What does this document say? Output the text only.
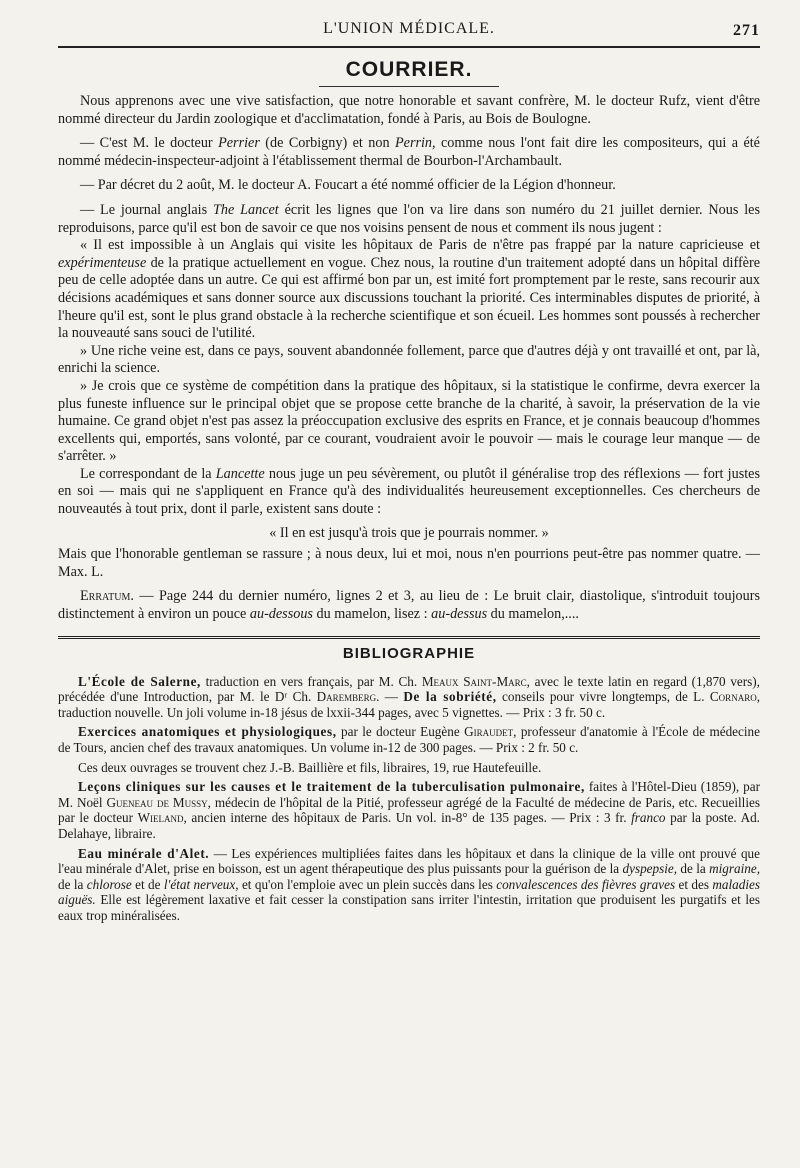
L'UNION MÉDICALE.	271
COURRIER.

Nous apprenons avec une vive satisfaction, que notre honorable et savant confrère, M. le docteur Rufz, vient d'être nommé directeur du Jardin zoologique et d'acclimatation, fondé à Paris, au Bois de Boulogne.

— C'est M. le docteur Perrier (de Corbigny) et non Perrin, comme nous l'ont fait dire les compositeurs, qui a été nommé médecin-inspecteur-adjoint à l'établissement thermal de Bourbon-l'Archambault.

— Par décret du 2 août, M. le docteur A. Foucart a été nommé officier de la Légion d'honneur.

— Le journal anglais The Lancet écrit les lignes que l'on va lire dans son numéro du 21 juillet dernier. Nous les reproduisons, parce qu'il est bon de savoir ce que nos voisins pensent de nous et comment ils nous jugent :

« Il est impossible à un Anglais qui visite les hôpitaux de Paris de n'être pas frappé par la nature capricieuse et expérimenteuse de la pratique actuellement en vogue. Chez nous, la routine d'un traitement adopté dans un hôpital diffère peu de celle adoptée dans un autre. Ce qui est affirmé bon par un, est imité fort promptement par le reste, sans recourir aux décisions académiques et sans donner source aux discussions touchant la priorité. Ces interminables disputes de priorité, à l'heure qu'il est, sont le plus grand obstacle à la recherche scientifique et son écueil. Les hommes sont poussés à rechercher la nouveauté sans souci de l'utilité.

» Une riche veine est, dans ce pays, souvent abandonnée follement, parce que d'autres déjà y ont travaillé et ont, par là, enrichi la science.

» Je crois que ce système de compétition dans la pratique des hôpitaux, si la statistique le confirme, devra exercer la plus funeste influence sur le principal objet que se propose cette branche de la charité, à savoir, la préservation de la vie humaine. Ce grand objet n'est pas assez la préoccupation exclusive des esprits en France, et je connais beaucoup d'hommes excellents qui, emportés, sans volonté, par ce courant, voudraient avoir le pouvoir — mais le courage leur manque — de s'arrêter. »

Le correspondant de la Lancette nous juge un peu sévèrement, ou plutôt il généralise trop des réflexions — fort justes en soi — mais qui ne s'appliquent en France qu'à des individualités heureusement exceptionnelles. Ces chercheurs de nouveautés à tout prix, dont il parle, existent sans doute :

« Il en est jusqu'à trois que je pourrais nommer. »

Mais que l'honorable gentleman se rassure ; à nous deux, lui et moi, nous n'en pourrions peut-être pas nommer quatre. — Max. L.

Erratum. — Page 244 du dernier numéro, lignes 2 et 3, au lieu de : Le bruit clair, diastolique, s'introduit toujours distinctement à environ un pouce au-dessous du mamelon, lisez : au-dessus du mamelon,....

BIBLIOGRAPHIE

L'École de Salerne, traduction en vers français, par M. Ch. Meaux Saint-Marc, avec le texte latin en regard (1,870 vers), précédée d'une Introduction, par M. le Dʳ Ch. Daremberg. — De la sobriété, conseils pour vivre longtemps, de L. Cornaro, traduction nouvelle. Un joli volume in-18 jésus de lxxii-344 pages, avec 5 vignettes. — Prix : 3 fr. 50 c.

Exercices anatomiques et physiologiques, par le docteur Eugène Giraudet, professeur d'anatomie à l'École de médecine de Tours, ancien chef des travaux anatomiques. Un volume in-12 de 300 pages. — Prix : 2 fr. 50 c.

Ces deux ouvrages se trouvent chez J.-B. Baillière et fils, libraires, 19, rue Hautefeuille.

Leçons cliniques sur les causes et le traitement de la tuberculisation pulmonaire, faites à l'Hôtel-Dieu (1859), par M. Noël Gueneau de Mussy, médecin de l'hôpital de la Pitié, professeur agrégé de la Faculté de médecine de Paris, etc. Recueillies par le docteur Wieland, ancien interne des hôpitaux de Paris. Un vol. in-8° de 135 pages. — Prix : 3 fr. franco par la poste. Ad. Delahaye, libraire.

Eau minérale d'Alet. — Les expériences multipliées faites dans les hôpitaux et dans la clinique de la ville ont prouvé que l'eau minérale d'Alet, prise en boisson, est un agent thérapeutique des plus puissants pour la guérison de la dyspepsie, de la migraine, de la chlorose et de l'état nerveux, et qu'on l'emploie avec un plein succès dans les convalescences des fièvres graves et des maladies aiguës. Elle est légèrement laxative et fait cesser la constipation sans irriter l'intestin, irritation que produisent les purgatifs et les eaux trop minéralisées.
